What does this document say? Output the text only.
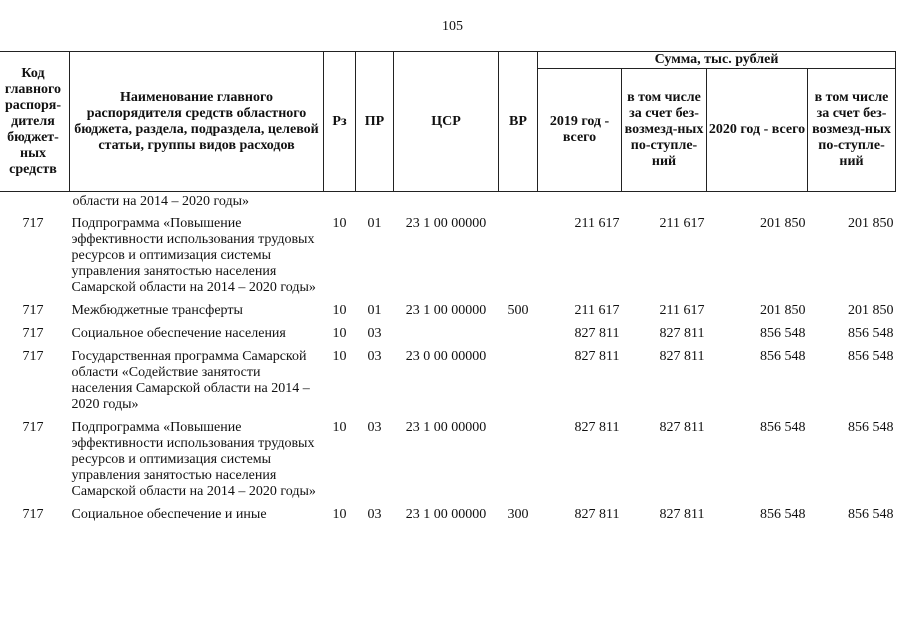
105
Код главного распоря-дителя бюджет-ных средств	Наименование главного распорядителя средств областного бюджета, раздела, подраздела, целевой статьи, группы видов расходов	Рз	ПР	ЦСР	ВР	Сумма, тыс. рублей			
						2019 год - всего	в том числе за счет без-возмезд-ных по-ступле-ний	2020 год - всего	в том числе за счет без-возмезд-ных по-ступле-ний
	области на 2014 – 2020 годы»								
717	Подпрограмма «Повышение эффективности использования трудовых ресурсов и оптимизация системы управления занятостью населения Самарской области на 2014 – 2020 годы»	10	01	23 1 00 00000		211 617	211 617	201 850	201 850
717	Межбюджетные трансферты	10	01	23 1 00 00000	500	211 617	211 617	201 850	201 850
717	Социальное обеспечение населения	10	03			827 811	827 811	856 548	856 548
717	Государственная программа Самарской области «Содействие занятости населения Самарской области на 2014 – 2020 годы»	10	03	23 0 00 00000		827 811	827 811	856 548	856 548
717	Подпрограмма «Повышение эффективности использования трудовых ресурсов и оптимизация системы управления занятостью населения Самарской области на 2014 – 2020 годы»	10	03	23 1 00 00000		827 811	827 811	856 548	856 548
717	Социальное обеспечение и иные	10	03	23 1 00 00000	300	827 811	827 811	856 548	856 548
